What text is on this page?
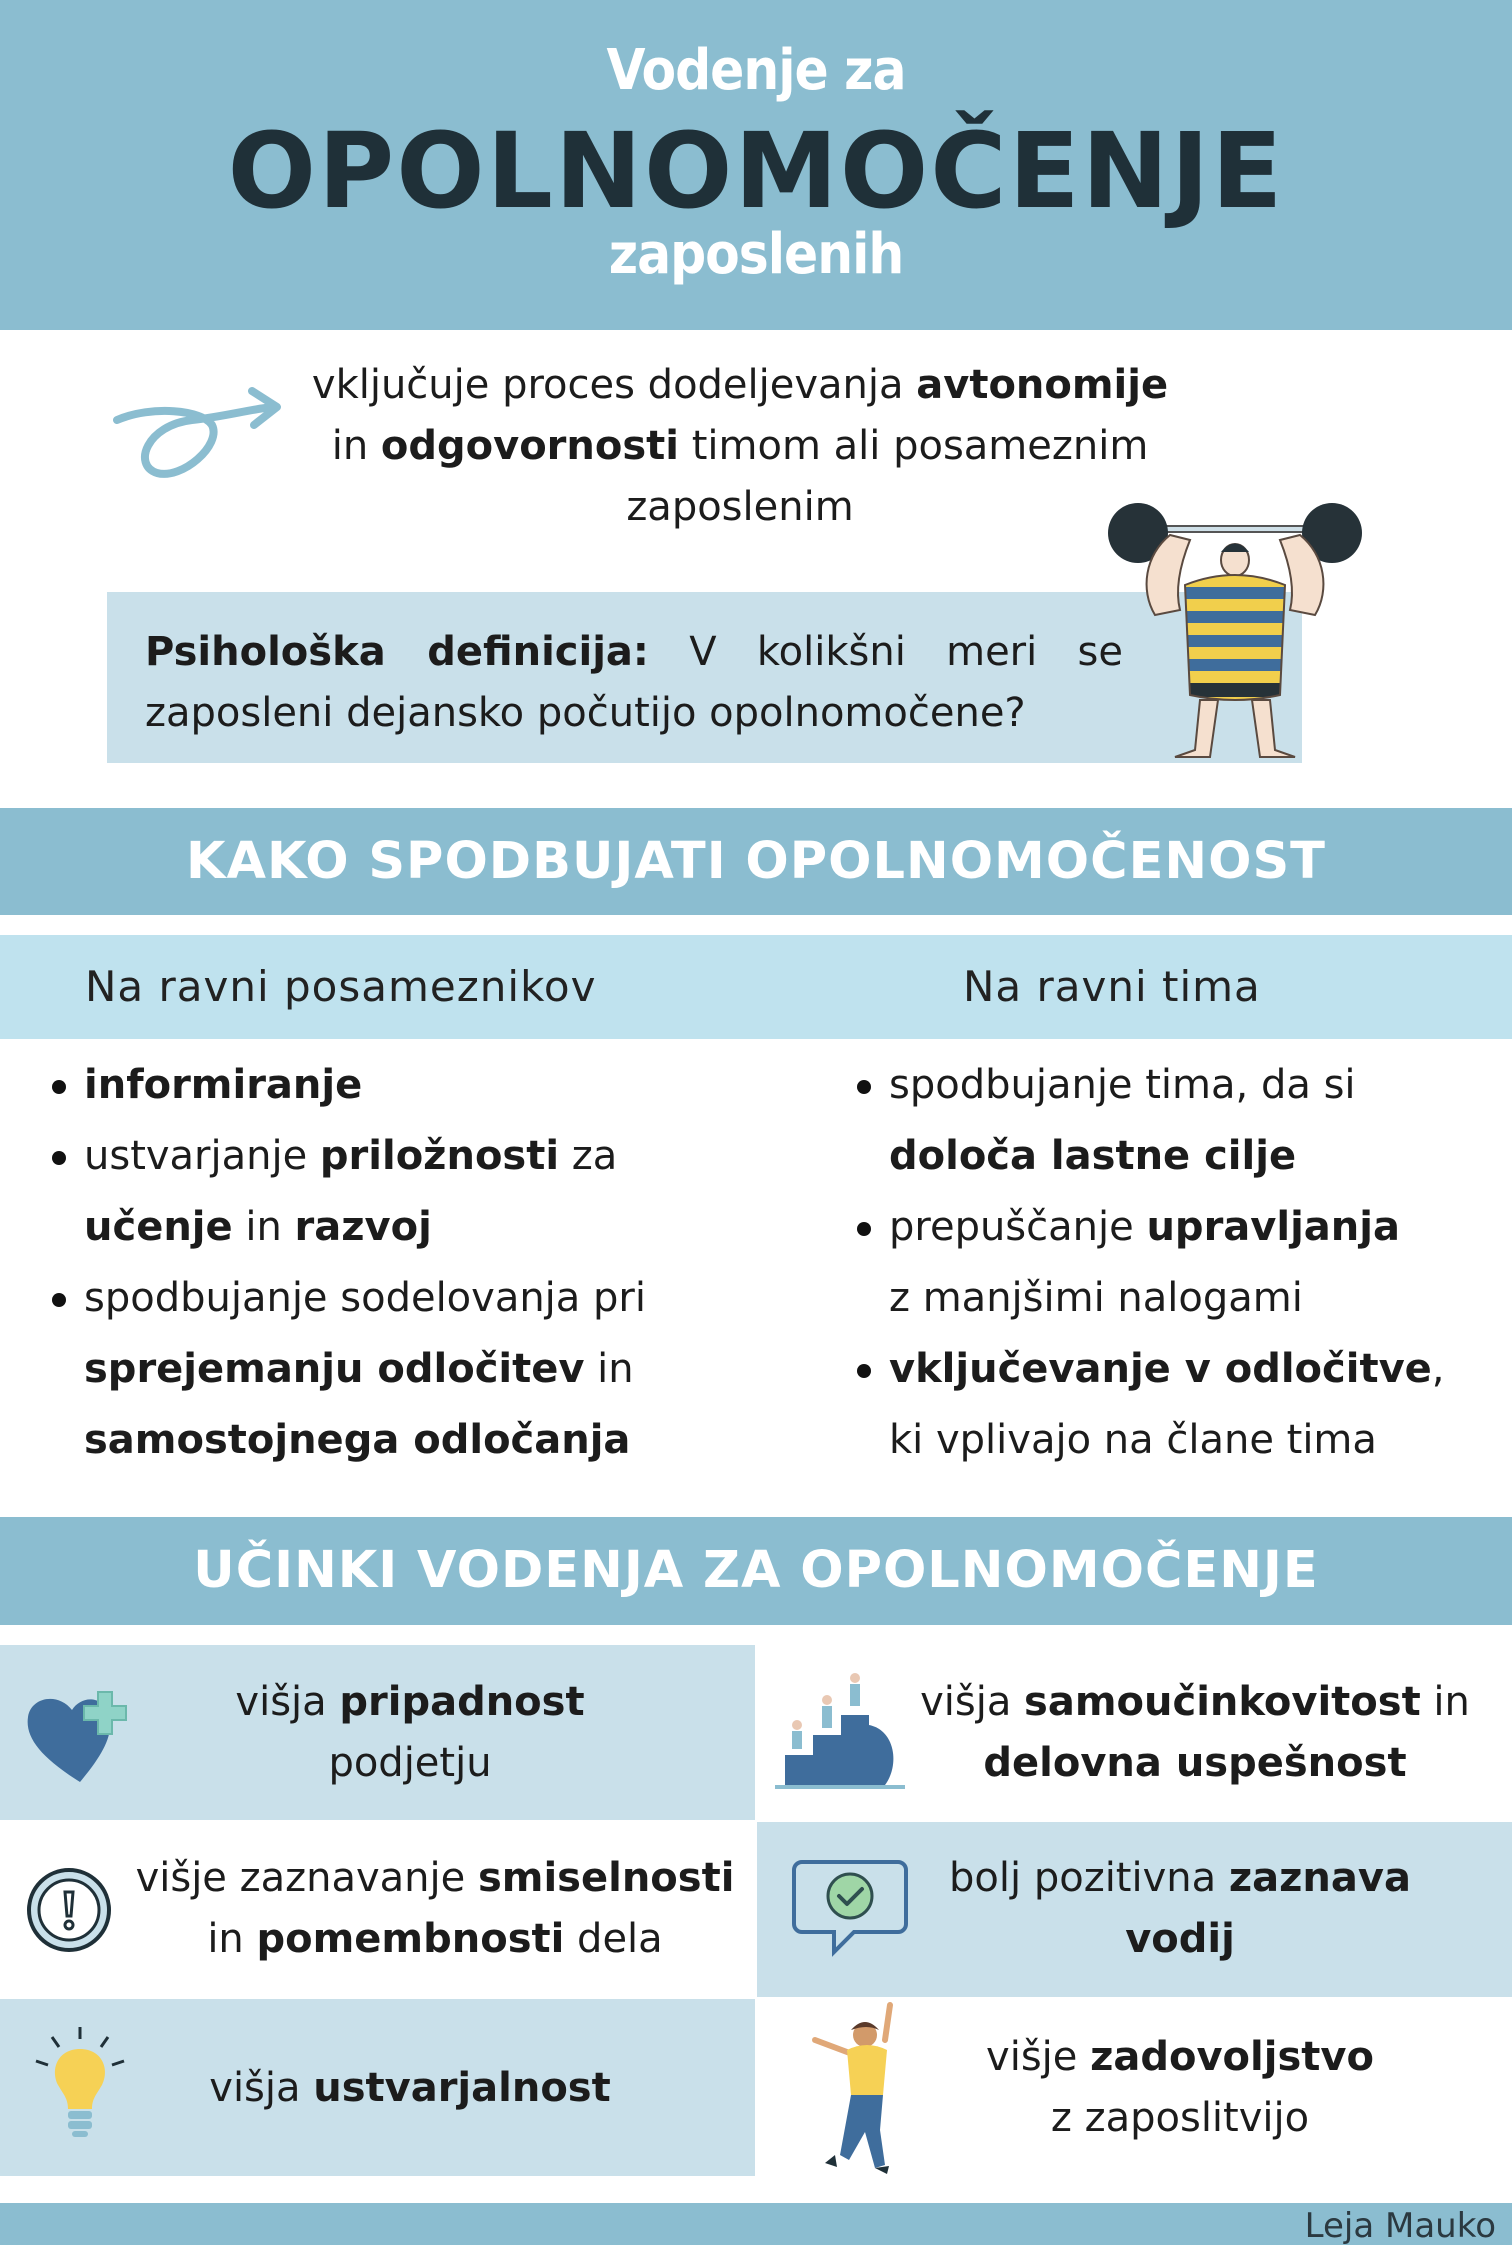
Vodenje za
OPOLNOMOČENJE
zaposlenih
vključuje proces dodeljevanja avtonomije in odgovornosti timom ali posameznim zaposlenim
Psihološka definicija: V kolikšni meri se zaposleni dejansko počutijo opolnomočene?
KAKO SPODBUJATI OPOLNOMOČENOST
Na ravni posameznikov	Na ravni tima
informiranje
ustvarjanje priložnosti za
učenje in razvoj
spodbujanje sodelovanja pri
sprejemanju odločitev in
samostojnega odločanja
spodbujanje tima, da si
določa lastne cilje
prepuščanje upravljanja
z manjšimi nalogami
vključevanje v odločitve,
ki vplivajo na člane tima
UČINKI VODENJA ZA OPOLNOMOČENJE
višja pripadnost
podjetju
višja samoučinkovitost in
delovna uspešnost
višje zaznavanje smiselnosti
in pomembnosti dela
bolj pozitivna zaznava
vodij
višja ustvarjalnost
višje zadovoljstvo
z zaposlitvijo
Leja Mauko
